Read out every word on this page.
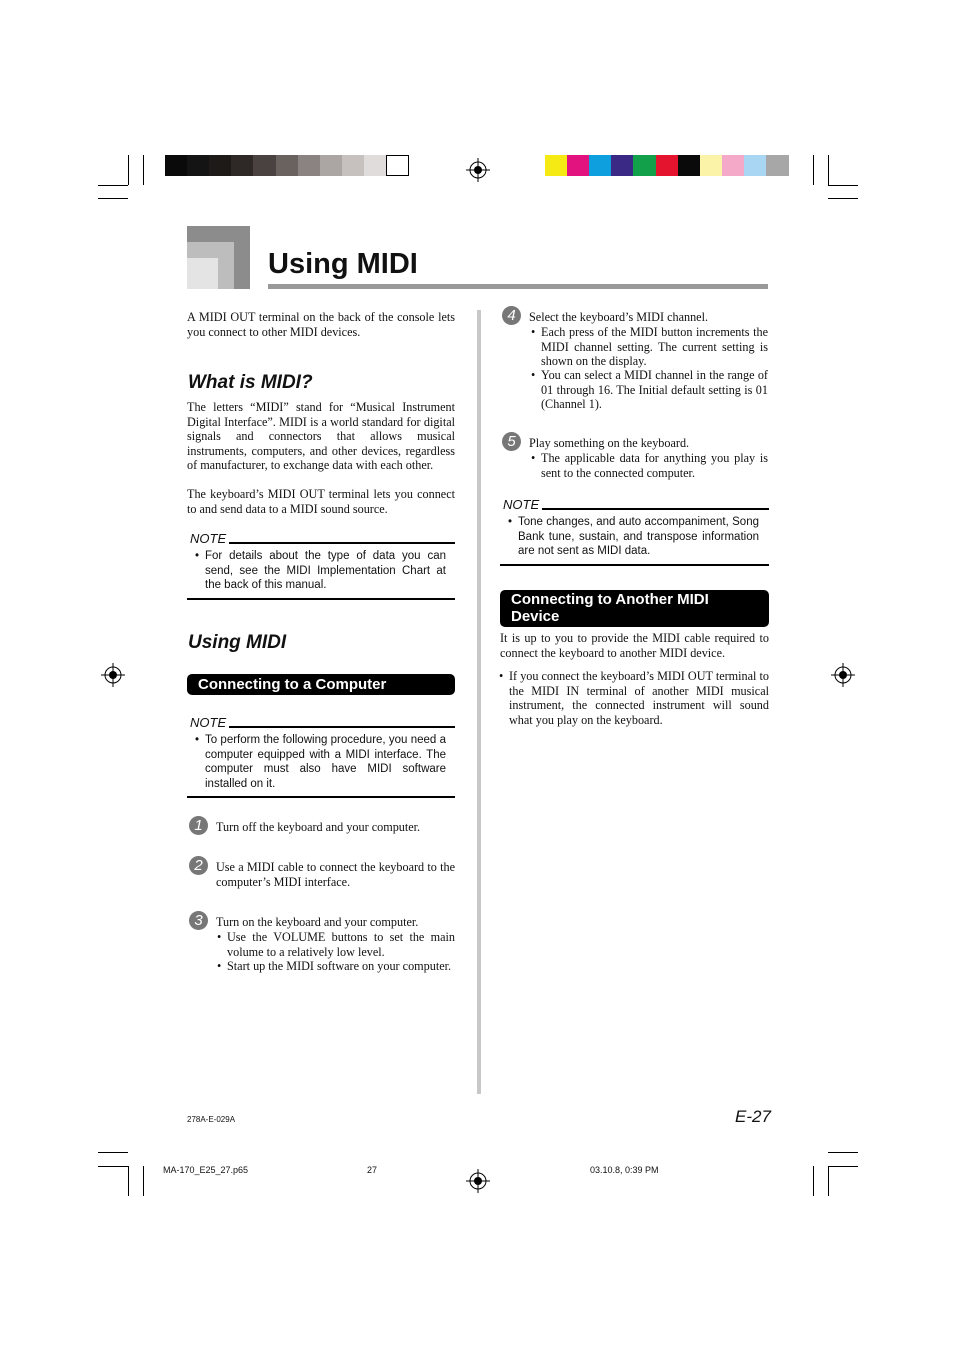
Using MIDI
A MIDI OUT terminal on the back of the console lets you connect to other MIDI devices.
What is MIDI?
The letters “MIDI” stand for “Musical Instrument Digital Interface”. MIDI is a world standard for digital signals and connectors that allows musical instruments, computers, and other devices, regardless of manufacturer, to exchange data with each other.
The keyboard’s MIDI OUT terminal lets you connect to and send data to a MIDI sound source.
NOTE
• For details about the type of data you can send, see the MIDI Implementation Chart at the back of this manual.
Using MIDI
Connecting to a Computer
NOTE
• To perform the following procedure, you need a computer equipped with a MIDI interface. The computer must also have MIDI software installed on it.
1	Turn off the keyboard and your computer.
2	Use a MIDI cable to connect the keyboard to the computer’s MIDI interface.
3	Turn on the keyboard and your computer.
• Use the VOLUME buttons to set the main volume to a relatively low level.
• Start up the MIDI software on your computer.
4	Select the keyboard’s MIDI channel.
• Each press of the MIDI button increments the MIDI channel setting. The current setting is shown on the display.
• You can select a MIDI channel in the range of 01 through 16. The Initial default setting is 01 (Channel 1).
5	Play something on the keyboard.
• The applicable data for anything you play is sent to the connected computer.
NOTE
• Tone changes, and auto accompaniment, Song Bank tune, sustain, and transpose information are not sent as MIDI data.
Connecting to Another MIDI
Device
It is up to you to provide the MIDI cable required to connect the keyboard to another MIDI device.
• If you connect the keyboard’s MIDI OUT terminal to the MIDI IN terminal of another MIDI musical instrument, the connected instrument will sound what you play on the keyboard.
278A-E-029A	E-27
MA-170_E25_27.p65	27	03.10.8, 0:39 PM
